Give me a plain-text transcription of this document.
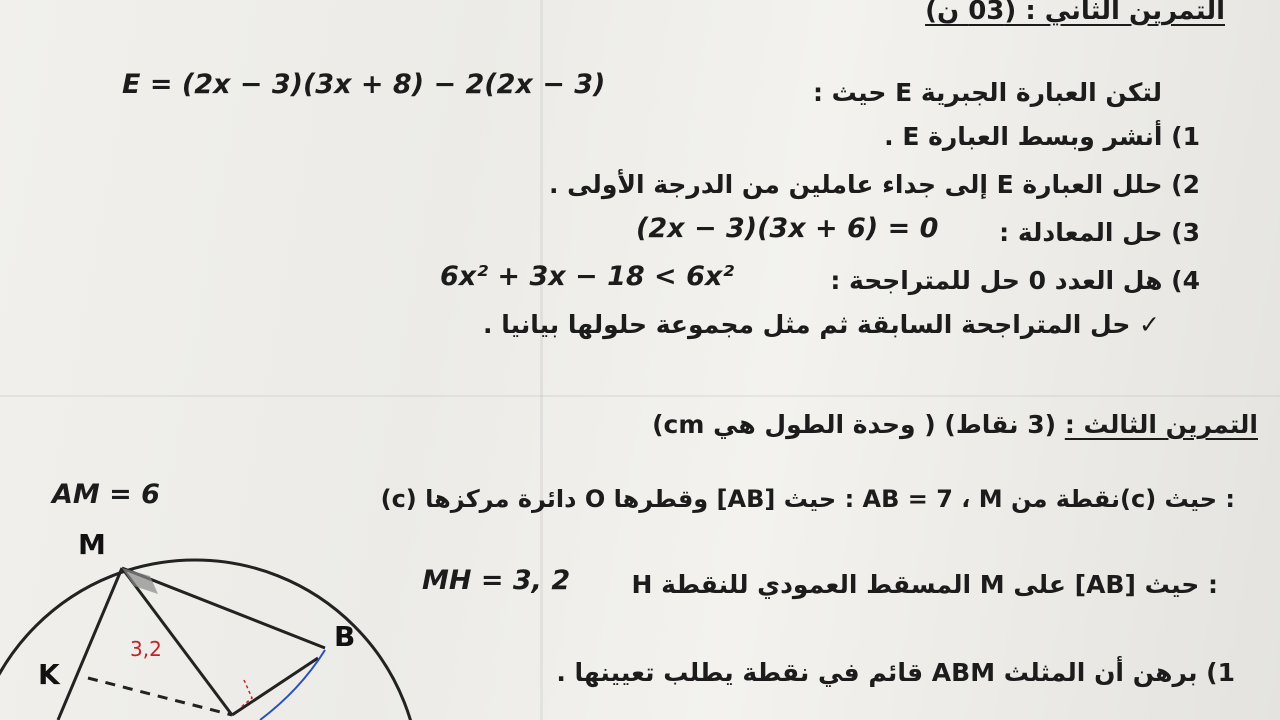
التمرين الثاني : (03 ن)
E = (2x − 3)(3x + 8) − 2(2x − 3)	لتكن العبارة الجبرية E حيث :
1) أنشر وبسط العبارة E .
2) حلل العبارة E إلى جداء عاملين من الدرجة الأولى .
(2x − 3)(3x + 6) = 0 3) حل المعادلة :
6x² + 3x − 18 < 6x²	4) هل العدد 0 حل للمتراجحة :
✓ حل المتراجحة السابقة ثم مثل مجموعة حلولها بيانيا .
التمرين الثالث : (3 نقاط) ( وحدة الطول هي cm)
AM = 6	(c) دائرة مركزها O وقطرها [AB] حيث : AB = 7 ، M نقطة من(c) حيث :
MH = 3, 2 H المسقط العمودي للنقطة M على [AB] حيث :
1) برهن أن المثلث ABM قائم في نقطة يطلب تعيينها .
M
B
K
3,2
